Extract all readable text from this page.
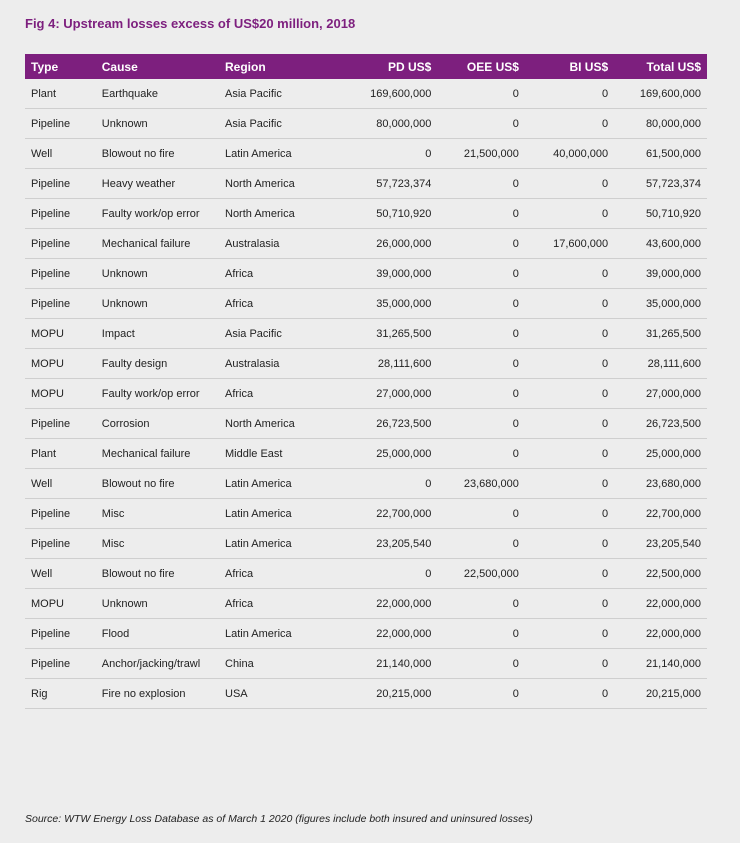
Fig 4: Upstream losses excess of US$20 million, 2018
Type	Cause	Region	PD US$	OEE US$	BI US$	Total US$
Plant	Earthquake	Asia Pacific	169,600,000	0	0	169,600,000
Pipeline	Unknown	Asia Pacific	80,000,000	0	0	80,000,000
Well	Blowout no fire	Latin America	0	21,500,000	40,000,000	61,500,000
Pipeline	Heavy weather	North America	57,723,374	0	0	57,723,374
Pipeline	Faulty work/op error	North America	50,710,920	0	0	50,710,920
Pipeline	Mechanical failure	Australasia	26,000,000	0	17,600,000	43,600,000
Pipeline	Unknown	Africa	39,000,000	0	0	39,000,000
Pipeline	Unknown	Africa	35,000,000	0	0	35,000,000
MOPU	Impact	Asia Pacific	31,265,500	0	0	31,265,500
MOPU	Faulty design	Australasia	28,111,600	0	0	28,111,600
MOPU	Faulty work/op error	Africa	27,000,000	0	0	27,000,000
Pipeline	Corrosion	North America	26,723,500	0	0	26,723,500
Plant	Mechanical failure	Middle East	25,000,000	0	0	25,000,000
Well	Blowout no fire	Latin America	0	23,680,000	0	23,680,000
Pipeline	Misc	Latin America	22,700,000	0	0	22,700,000
Pipeline	Misc	Latin America	23,205,540	0	0	23,205,540
Well	Blowout no fire	Africa	0	22,500,000	0	22,500,000
MOPU	Unknown	Africa	22,000,000	0	0	22,000,000
Pipeline	Flood	Latin America	22,000,000	0	0	22,000,000
Pipeline	Anchor/jacking/trawl	China	21,140,000	0	0	21,140,000
Rig	Fire no explosion	USA	20,215,000	0	0	20,215,000
Source: WTW Energy Loss Database as of March 1 2020 (figures include both insured and uninsured losses)
